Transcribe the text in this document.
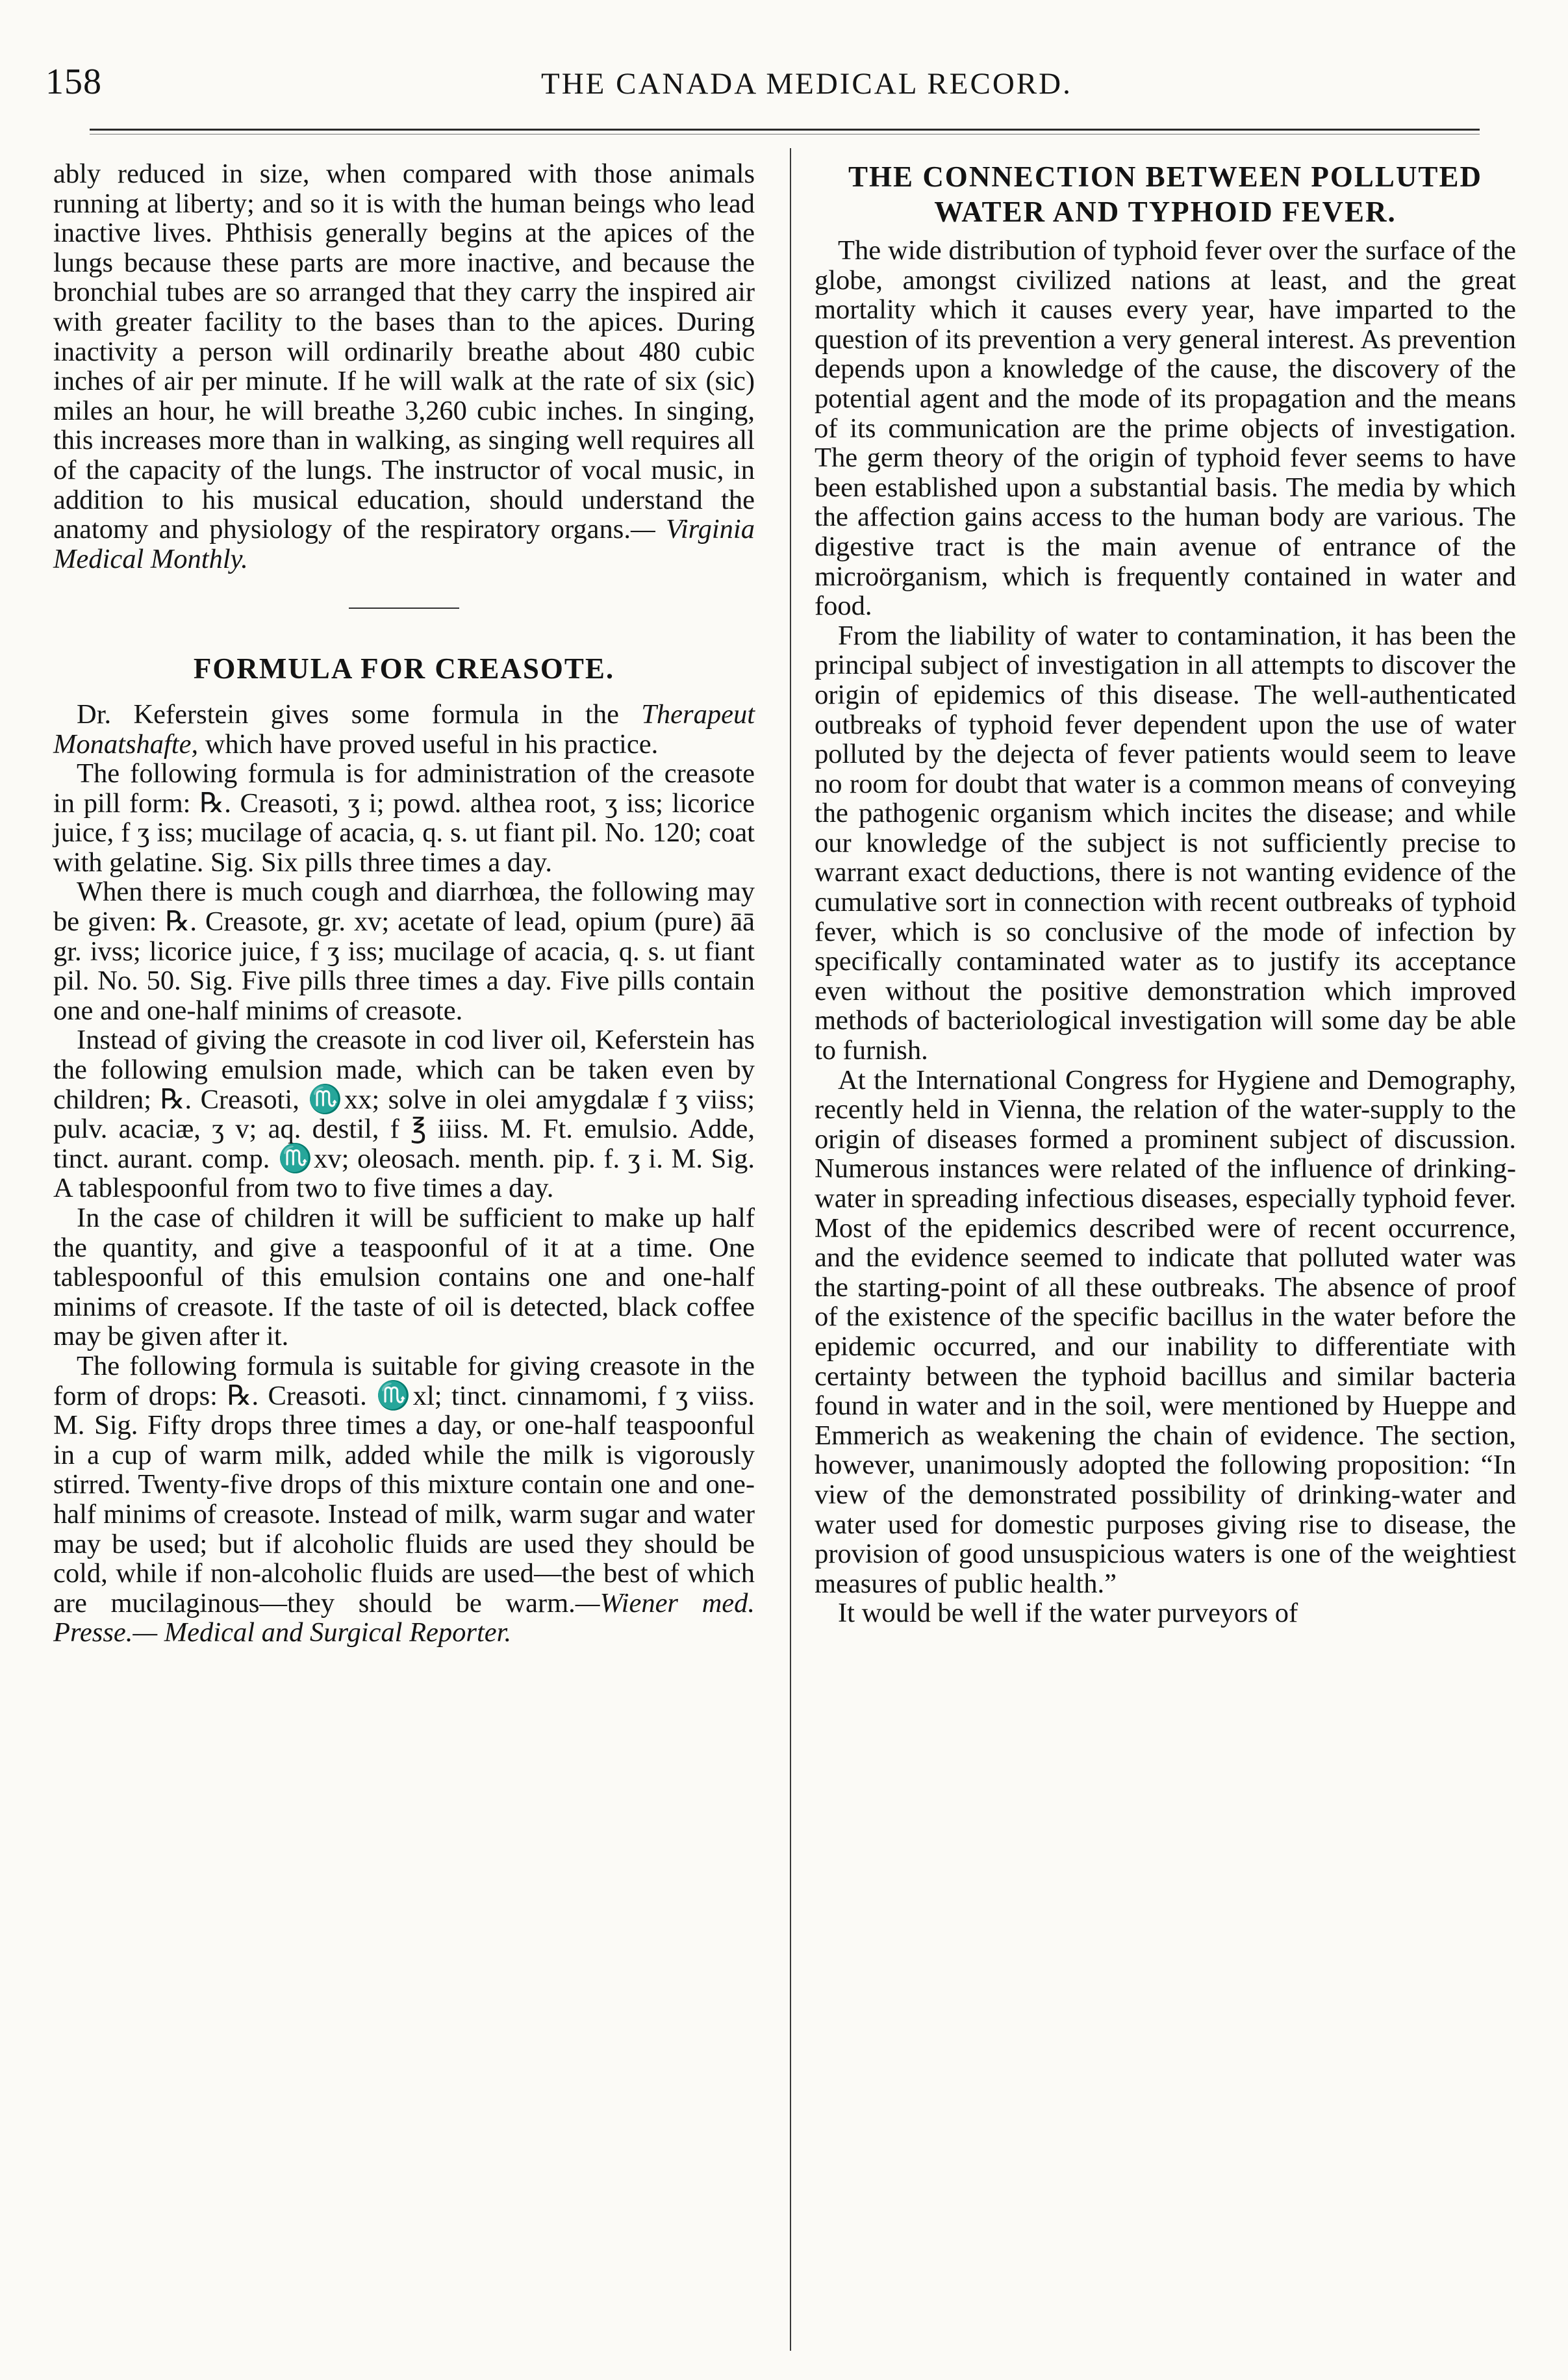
158	THE CANADA MEDICAL RECORD.

ably reduced in size, when compared with those animals running at liberty; and so it is with the human beings who lead inactive lives. Phthisis generally begins at the apices of the lungs because these parts are more inactive, and because the bronchial tubes are so arranged that they carry the inspired air with greater facility to the bases than to the apices. During inactivity a person will ordinarily breathe about 480 cubic inches of air per minute. If he will walk at the rate of six (sic) miles an hour, he will breathe 3,260 cubic inches. In singing, this increases more than in walking, as singing well requires all of the capacity of the lungs. The instructor of vocal music, in addition to his musical education, should understand the anatomy and physiology of the respiratory organs.— Virginia Medical Monthly.

FORMULA FOR CREASOTE.

Dr. Keferstein gives some formula in the Therapeut Monatshafte, which have proved useful in his practice.

The following formula is for administration of the creasote in pill form: ℞. Creasoti, ʒ i; powd. althea root, ʒ iss; licorice juice, f ʒ iss; mucilage of acacia, q. s. ut fiant pil. No. 120; coat with gelatine. Sig. Six pills three times a day.

When there is much cough and diarrhœa, the following may be given: ℞. Creasote, gr. xv; acetate of lead, opium (pure) āā gr. ivss; licorice juice, f ʒ iss; mucilage of acacia, q. s. ut fiant pil. No. 50. Sig. Five pills three times a day. Five pills contain one and one-half minims of creasote.

Instead of giving the creasote in cod liver oil, Keferstein has the following emulsion made, which can be taken even by children; ℞. Creasoti, ♏xx; solve in olei amygdalæ f ʒ viiss; pulv. acaciæ, ʒ v; aq. destil, f ℥ iiiss. M. Ft. emulsio. Adde, tinct. aurant. comp. ♏xv; oleosach. menth. pip. f. ʒ i. M. Sig. A tablespoonful from two to five times a day.

In the case of children it will be sufficient to make up half the quantity, and give a teaspoonful of it at a time. One tablespoonful of this emulsion contains one and one-half minims of creasote. If the taste of oil is detected, black coffee may be given after it.

The following formula is suitable for giving creasote in the form of drops: ℞. Creasoti. ♏xl; tinct. cinnamomi, f ʒ viiss. M. Sig. Fifty drops three times a day, or one-half teaspoonful in a cup of warm milk, added while the milk is vigorously stirred. Twenty-five drops of this mixture contain one and one-half minims of creasote. Instead of milk, warm sugar and water may be used; but if alcoholic fluids are used they should be cold, while if non-alcoholic fluids are used—the best of which are mucilaginous—they should be warm.—Wiener med. Presse.— Medical and Surgical Reporter.

THE CONNECTION BETWEEN POLLUTED
WATER AND TYPHOID FEVER.

The wide distribution of typhoid fever over the surface of the globe, amongst civilized nations at least, and the great mortality which it causes every year, have imparted to the question of its prevention a very general interest. As prevention depends upon a knowledge of the cause, the discovery of the potential agent and the mode of its propagation and the means of its communication are the prime objects of investigation. The germ theory of the origin of typhoid fever seems to have been established upon a substantial basis. The media by which the affection gains access to the human body are various. The digestive tract is the main avenue of entrance of the microörganism, which is frequently contained in water and food.

From the liability of water to contamination, it has been the principal subject of investigation in all attempts to discover the origin of epidemics of this disease. The well-authenticated outbreaks of typhoid fever dependent upon the use of water polluted by the dejecta of fever patients would seem to leave no room for doubt that water is a common means of conveying the pathogenic organism which incites the disease; and while our knowledge of the subject is not sufficiently precise to warrant exact deductions, there is not wanting evidence of the cumulative sort in connection with recent outbreaks of typhoid fever, which is so conclusive of the mode of infection by specifically contaminated water as to justify its acceptance even without the positive demonstration which improved methods of bacteriological investigation will some day be able to furnish.

At the International Congress for Hygiene and Demography, recently held in Vienna, the relation of the water-supply to the origin of diseases formed a prominent subject of discussion. Numerous instances were related of the influence of drinking-water in spreading infectious diseases, especially typhoid fever. Most of the epidemics described were of recent occurrence, and the evidence seemed to indicate that polluted water was the starting-point of all these outbreaks. The absence of proof of the existence of the specific bacillus in the water before the epidemic occurred, and our inability to differentiate with certainty between the typhoid bacillus and similar bacteria found in water and in the soil, were mentioned by Hueppe and Emmerich as weakening the chain of evidence. The section, however, unanimously adopted the following proposition: “In view of the demonstrated possibility of drinking-water and water used for domestic purposes giving rise to disease, the provision of good unsuspicious waters is one of the weightiest measures of public health.”

It would be well if the water purveyors of
